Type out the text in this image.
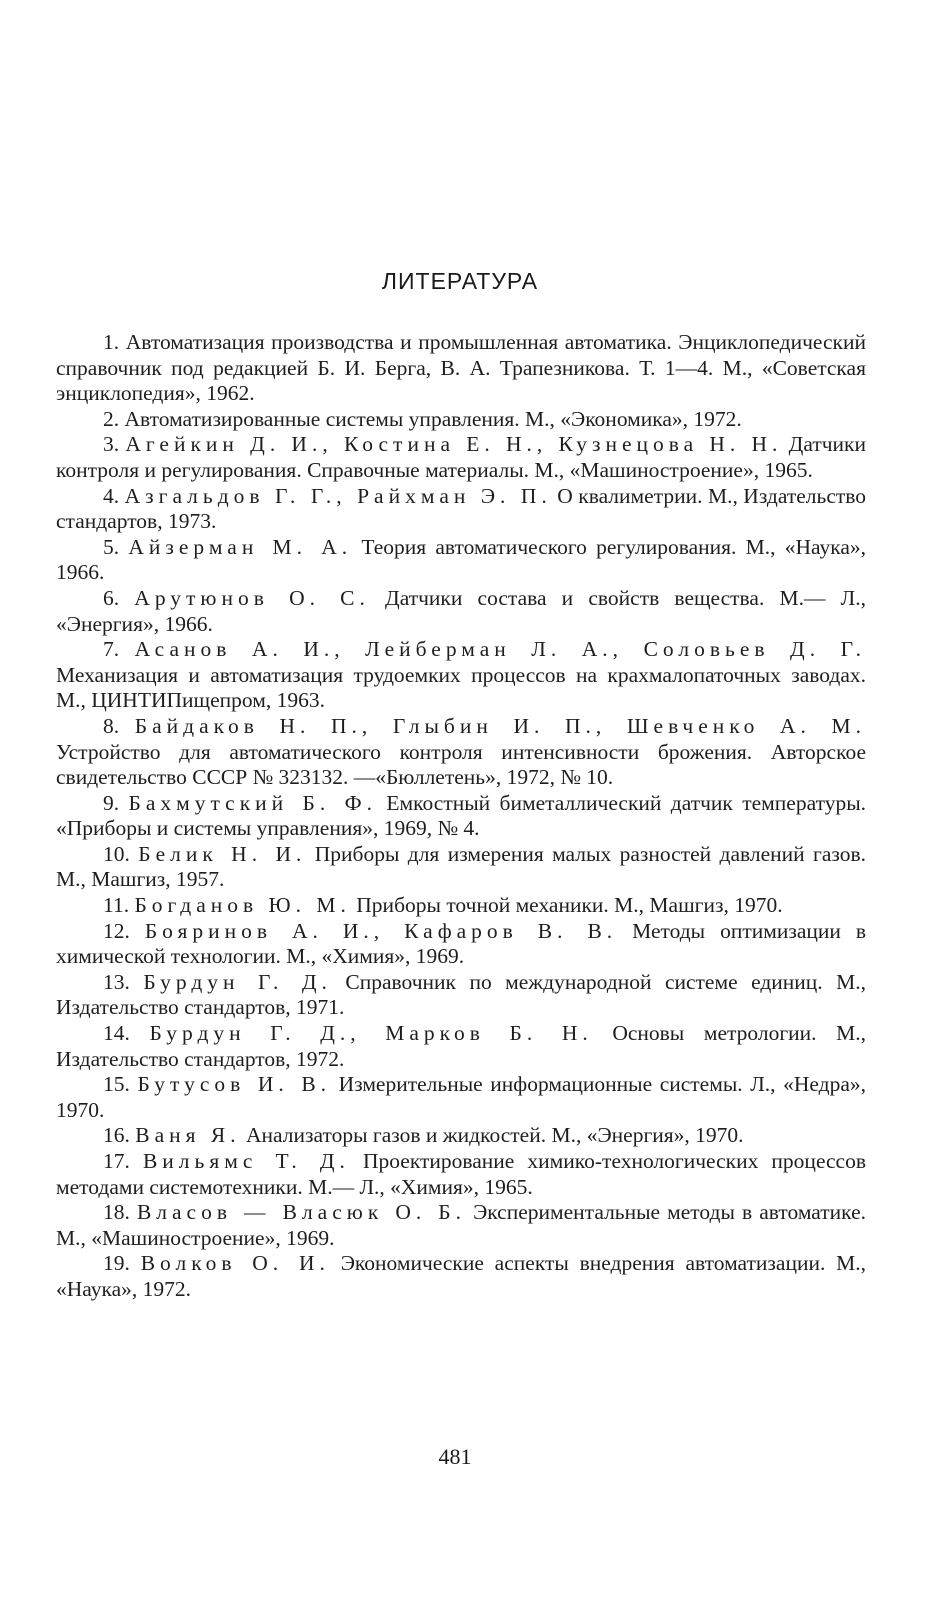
ЛИТЕРАТУРА
1. Автоматизация производства и промышленная автоматика. Энциклопедический справочник под редакцией Б. И. Берга, В. А. Трапезникова. Т. 1—4. М., «Советская энциклопедия», 1962.
2. Автоматизированные системы управления. М., «Экономика», 1972.
3. Агейкин Д. И., Костина Е. Н., Кузнецова Н. Н. Датчики контроля и регулирования. Справочные материалы. М., «Машиностроение», 1965.
4. Азгальдов Г. Г., Райхман Э. П. О квалиметрии. М., Издательство стандартов, 1973.
5. Айзерман М. А. Теория автоматического регулирования. М., «Наука», 1966.
6. Арутюнов О. С. Датчики состава и свойств вещества. М.— Л., «Энергия», 1966.
7. Асанов А. И., Лейберман Л. А., Соловьев Д. Г. Механизация и автоматизация трудоемких процессов на крахмалопаточных заводах. М., ЦИНТИПищепром, 1963.
8. Байдаков Н. П., Глыбин И. П., Шевченко А. М. Устройство для автоматического контроля интенсивности брожения. Авторское свидетельство СССР № 323132. —«Бюллетень», 1972, № 10.
9. Бахмутский Б. Ф. Емкостный биметаллический датчик температуры. «Приборы и системы управления», 1969, № 4.
10. Белик Н. И. Приборы для измерения малых разностей давлений газов. М., Машгиз, 1957.
11. Богданов Ю. М. Приборы точной механики. М., Машгиз, 1970.
12. Бояринов А. И., Кафаров В. В. Методы оптимизации в химической технологии. М., «Химия», 1969.
13. Бурдун Г. Д. Справочник по международной системе единиц. М., Издательство стандартов, 1971.
14. Бурдун Г. Д., Марков Б. Н. Основы метрологии. М., Издательство стандартов, 1972.
15. Бутусов И. В. Измерительные информационные системы. Л., «Недра», 1970.
16. Ваня Я. Анализаторы газов и жидкостей. М., «Энергия», 1970.
17. Вильямс Т. Д. Проектирование химико-технологических процессов методами системотехники. М.— Л., «Химия», 1965.
18. Власов — Власюк О. Б. Экспериментальные методы в автоматике. М., «Машиностроение», 1969.
19. Волков О. И. Экономические аспекты внедрения автоматизации. М., «Наука», 1972.
481
